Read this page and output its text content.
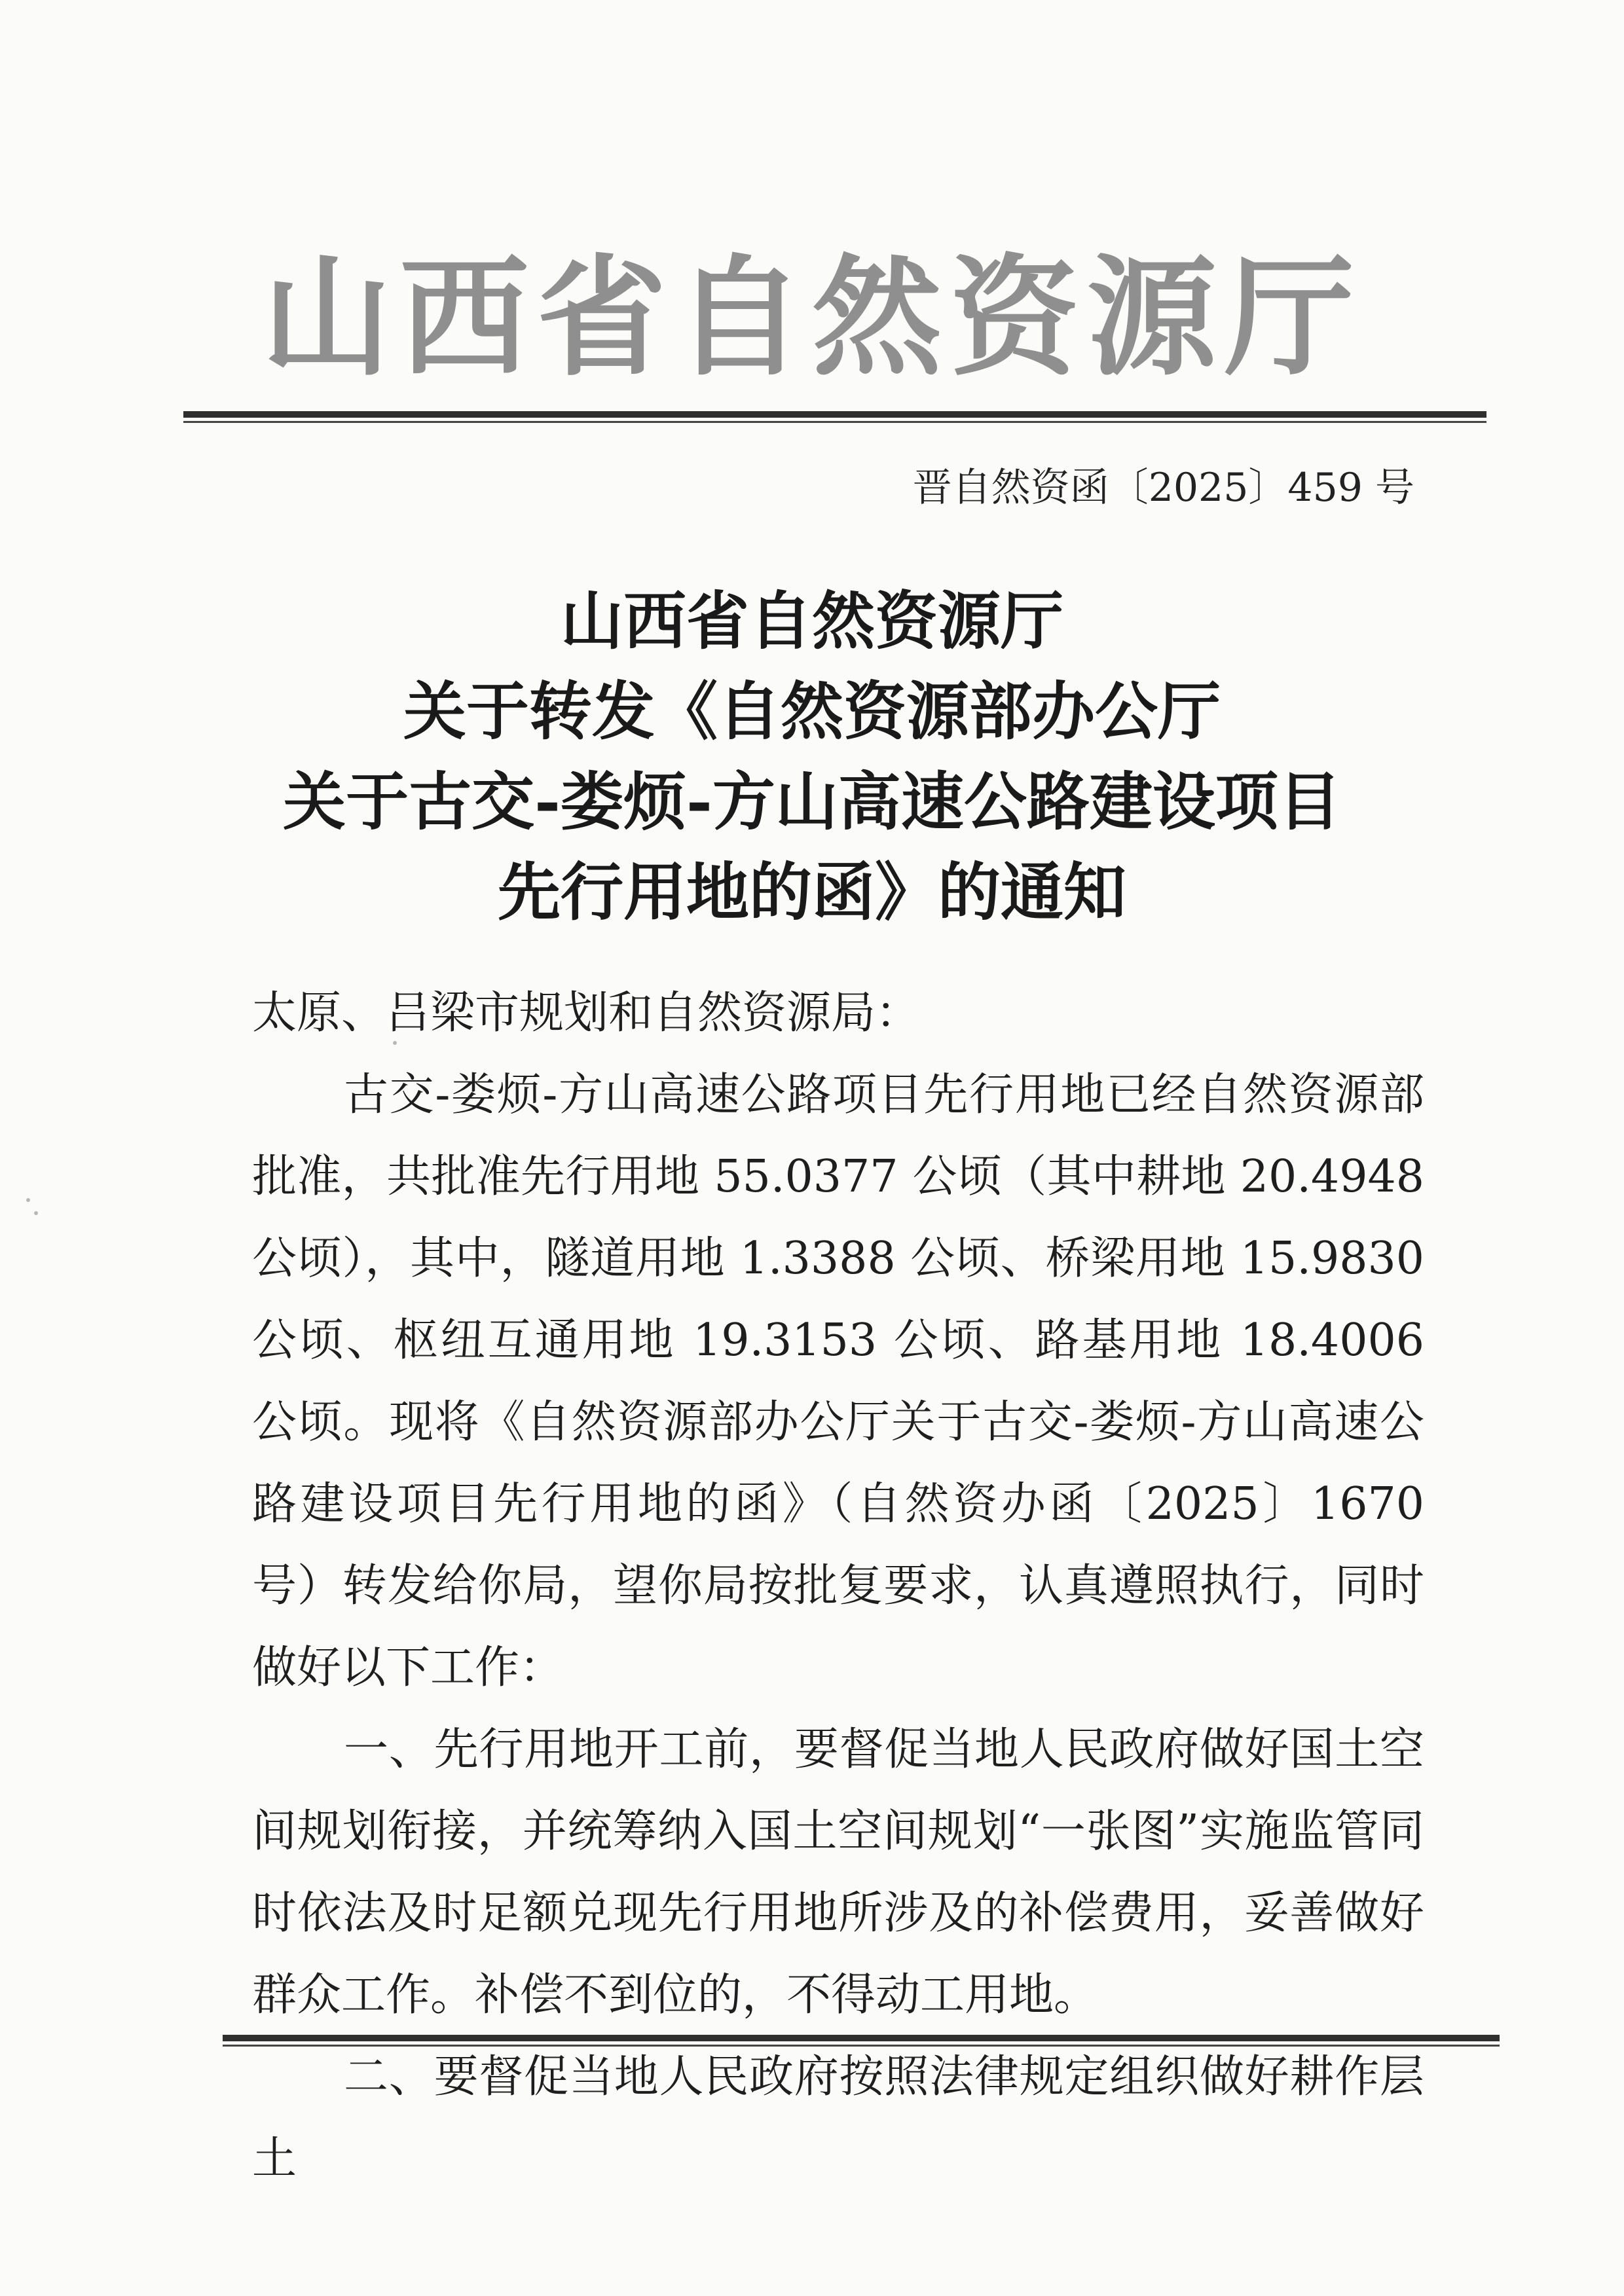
山西省自然资源厅
晋自然资函〔2025〕459 号
山西省自然资源厅
关于转发《自然资源部办公厅
关于古交-娄烦-方山高速公路建设项目
先行用地的函》的通知

太原、吕梁市规划和自然资源局：

古交-娄烦-方山高速公路项目先行用地已经自然资源部批准，共批准先行用地 55.0377 公顷（其中耕地 20.4948 公顷），其中，隧道用地 1.3388 公顷、桥梁用地 15.9830 公顷、枢纽互通用地 19.3153 公顷、路基用地 18.4006 公顷。现将《自然资源部办公厅关于古交-娄烦-方山高速公路建设项目先行用地的函》（自然资办函〔2025〕1670 号）转发给你局，望你局按批复要求，认真遵照执行，同时做好以下工作：

一、先行用地开工前，要督促当地人民政府做好国土空间规划衔接，并统筹纳入国土空间规划“一张图”实施监管同时依法及时足额兑现先行用地所涉及的补偿费用，妥善做好群众工作。补偿不到位的，不得动工用地。

二、要督促当地人民政府按照法律规定组织做好耕作层土
